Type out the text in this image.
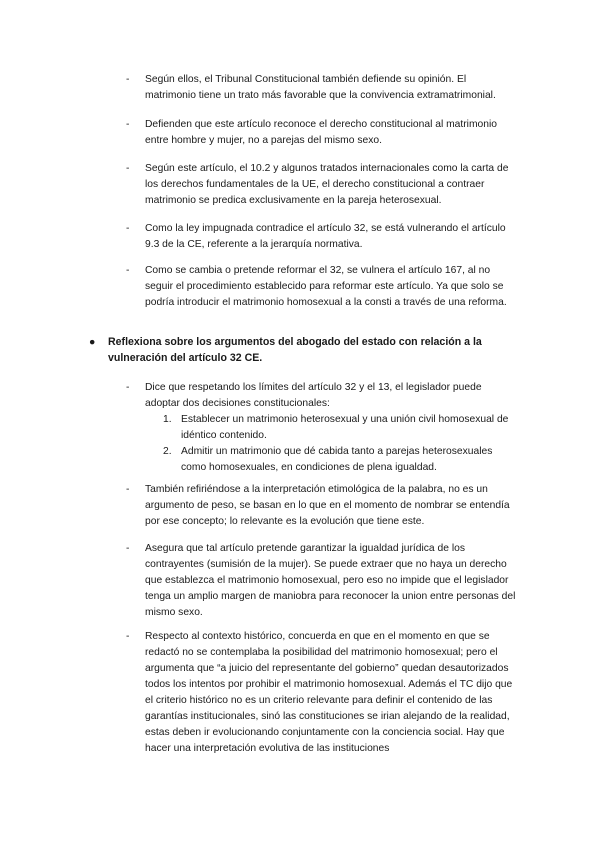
- Según ellos, el Tribunal Constitucional también defiende su opinión. El matrimonio tiene un trato más favorable que la convivencia extramatrimonial.

- Defienden que este artículo reconoce el derecho constitucional al matrimonio entre hombre y mujer, no a parejas del mismo sexo.

- Según este artículo, el 10.2 y algunos tratados internacionales como la carta de los derechos fundamentales de la UE, el derecho constitucional a contraer matrimonio se predica exclusivamente en la pareja heterosexual.

- Como la ley impugnada contradice el artículo 32, se está vulnerando el artículo 9.3 de la CE, referente a la jerarquía normativa.

- Como se cambia o pretende reformar el 32, se vulnera el artículo 167, al no seguir el procedimiento establecido para reformar este artículo. Ya que solo se podría introducir el matrimonio homosexual a la consti a través de una reforma.

● Reflexiona sobre los argumentos del abogado del estado con relación a la vulneración del artículo 32 CE.

- Dice que respetando los límites del artículo 32 y el 13, el legislador puede adoptar dos decisiones constitucionales:

1. Establecer un matrimonio heterosexual y una unión civil homosexual de idéntico contenido.

2. Admitir un matrimonio que dé cabida tanto a parejas heterosexuales como homosexuales, en condiciones de plena igualdad.

- También refiriéndose a la interpretación etimológica de la palabra, no es un argumento de peso, se basan en lo que en el momento de nombrar se entendía por ese concepto; lo relevante es la evolución que tiene este.

- Asegura que tal artículo pretende garantizar la igualdad jurídica de los contrayentes (sumisión de la mujer). Se puede extraer que no haya un derecho que establezca el matrimonio homosexual, pero eso no impide que el legislador tenga un amplio margen de maniobra para reconocer la union entre personas del mismo sexo.

- Respecto al contexto histórico, concuerda en que en el momento en que se redactó no se contemplaba la posibilidad del matrimonio homosexual; pero el argumenta que “a juicio del representante del gobierno” quedan desautorizados todos los intentos por prohibir el matrimonio homosexual. Además el TC dijo que el criterio histórico no es un criterio relevante para definir el contenido de las garantías institucionales, sinó las constituciones se irian alejando de la realidad, estas deben ir evolucionando conjuntamente con la conciencia social. Hay que hacer una interpretación evolutiva de las instituciones
